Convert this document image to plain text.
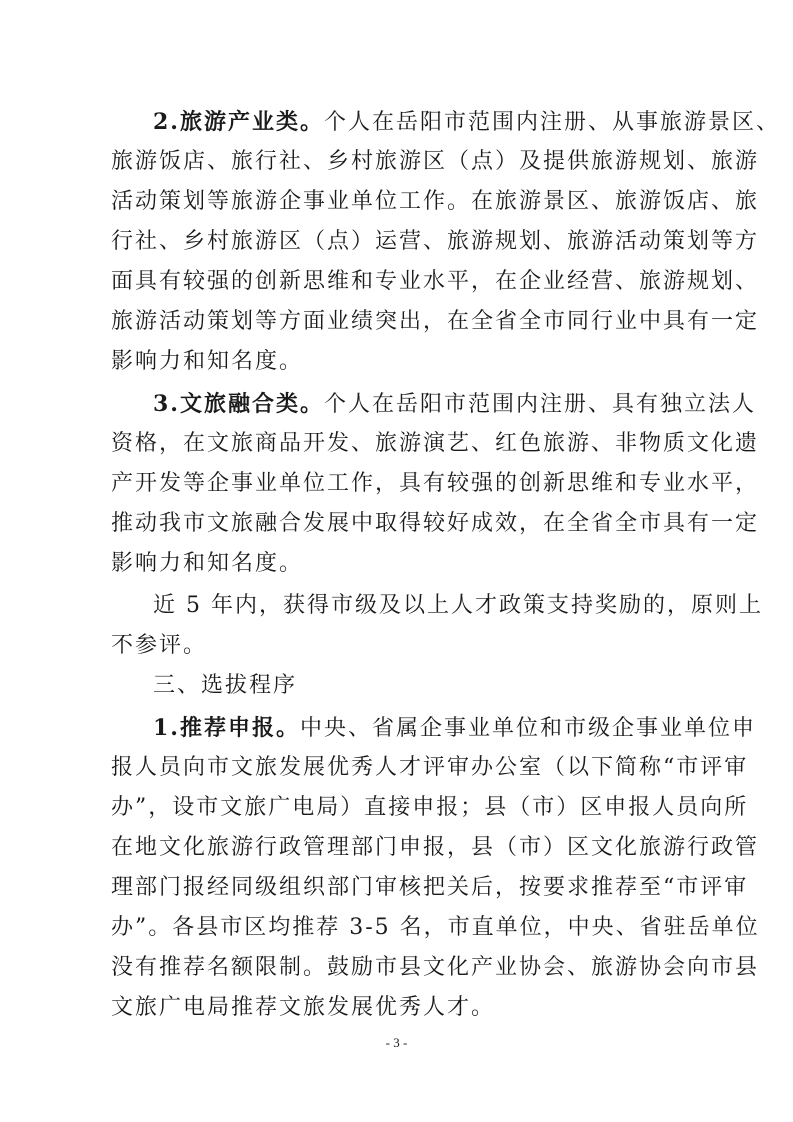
2.旅游产业类。个人在岳阳市范围内注册、从事旅游景区、
旅游饭店、旅行社、乡村旅游区（点）及提供旅游规划、旅游
活动策划等旅游企事业单位工作。在旅游景区、旅游饭店、旅
行社、乡村旅游区（点）运营、旅游规划、旅游活动策划等方
面具有较强的创新思维和专业水平，在企业经营、旅游规划、
旅游活动策划等方面业绩突出，在全省全市同行业中具有一定
影响力和知名度。
3.文旅融合类。个人在岳阳市范围内注册、具有独立法人
资格，在文旅商品开发、旅游演艺、红色旅游、非物质文化遗
产开发等企事业单位工作，具有较强的创新思维和专业水平，
推动我市文旅融合发展中取得较好成效，在全省全市具有一定
影响力和知名度。
近 5 年内，获得市级及以上人才政策支持奖励的，原则上
不参评。
三、选拔程序
1.推荐申报。中央、省属企事业单位和市级企事业单位申
报人员向市文旅发展优秀人才评审办公室（以下简称“市评审
办”，设市文旅广电局）直接申报；县（市）区申报人员向所
在地文化旅游行政管理部门申报，县（市）区文化旅游行政管
理部门报经同级组织部门审核把关后，按要求推荐至“市评审
办”。各县市区均推荐 3-5 名，市直单位，中央、省驻岳单位
没有推荐名额限制。鼓励市县文化产业协会、旅游协会向市县
文旅广电局推荐文旅发展优秀人才。
- 3 -
